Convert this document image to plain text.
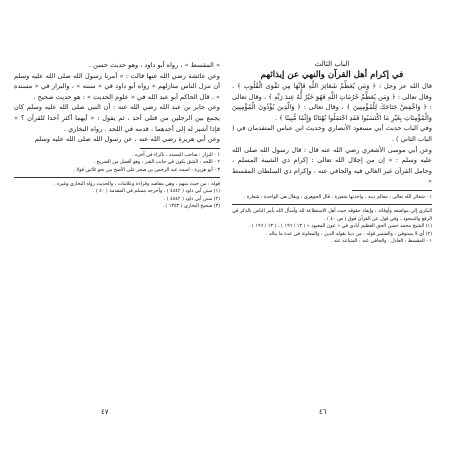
الباب الثالث
في إكرام أهل القرآن والنهي عن إيذائهم

قال الله عز وجل : ﴿ وَمَن يُعَظِّمْ شَعَائِرَ اللَّهِ فَإِنَّهَا مِن تَقْوَى الْقُلُوبِ ﴾ ، وقال تعالى : ﴿ وَمَن يُعَظِّمْ حُرُمَاتِ اللَّهِ فَهُوَ خَيْرٌ لَّهُ عِندَ رَبِّهِ ﴾ ، وقال تعالى : ﴿ وَاخْفِضْ جَنَاحَكَ لِلْمُؤْمِنِينَ ﴾ ، وقال تعالى : ﴿ وَالَّذِينَ يُؤْذُونَ الْمُؤْمِنِينَ وَالْمُؤْمِنَاتِ بِغَيْرِ مَا اكْتَسَبُوا فَقَدِ احْتَمَلُوا بُهْتَانًا وَإِثْمًا مُّبِينًا ﴾ .

وفي الباب حديث أبي مسعود الأنصاري وحديث ابن عباس المتقدمان في ( الباب الثاني ) .

وعن أبي موسى الأشعري رضي الله عنه قال : قال رسول الله صلى الله عليه وسلم : « إن من إجلال الله تعالى : إكرام ذي الشيبة المسلم ، وحامل القرآن غير الغالي فيه والجافي عنه ، وإكرام ذي السلطان المقسط »

١ - شعائر الله تعالى : معالم دينه ، واحدتها شعيرة . قال الجوهري : ويقال هي الواحدة : شعارة .

البكري إلى مواضعه وأوقاته ، وإيفاد حقوقه حيث أهل الاستطاعة لله وأسأل الله بأمر الناس بالذكر في الرفع والسجود ، وفي قول عن القرآن فوق ( ص ٤٠ ) .

(١) الشيخ محمد حسن الحق العظيم آبادي في « عون المعبود » ( ١٣ / ١٩٦ ) ، ( ١٣ / ١٩٦ ) .

(٢) أي لا يستوفي ، والضمير قوله : من دينا بقوله الدين ، والمعاونة في عدة ما يناله .

١ - المقسط : العادل . والجافي عنه : المتباعد عنه .

« المقسط » ، رواه أبو داود ، وهو حديث حسن .

وعن عائشة رضي الله عنها قالت : « أمرنا رسول الله صلى الله عليه وسلم أن ننزل الناس منازلهم » رواه أبو داود في « سننه » ، والبزار في « مسنده » . قال الحاكم أبو عبد الله في « علوم الحديث » : هو حديث صحيح .

وعن جابر بن عبد الله رضي الله عنه : أن النبي صلى الله عليه وسلم كان يجمع بين الرجلين من قتلى أحد ، ثم يقول : « أيهما أكثر أخذا للقرآن ؟ » فإذا أشير له إلى أحدهما ، قدمه في اللحد . رواه البخاري .

وعن أبي هريرة رضي الله عنه ، عن رسول الله صلى الله عليه وسلم

١ - البزار : صاحب المسند ، بالراء في آخره .

٢ - اللحد : الشق يكون في جانب القبر ، وهو أفضل من الضريح .

٣ - أبو هريرة : اسمه عبد الرحمن بن صخر على الأصح من نحو ثلاثين قولا .

قوله : من حيث منهم ، وهي مقاصد وقراءة وعلامات ، والحديث رواه البخاري وغيره .

(١) سنن أبي داود ( ٤٨٤٢ ) ، وأخرجه مسلم في المقدمة ( ٤٠ ) .

(٢) سنن أبي داود ( ٤٨٤٢ ) .

(٣) صحيح البخاري ( ١٣٤٣ ) .

٤٦
٤٧
